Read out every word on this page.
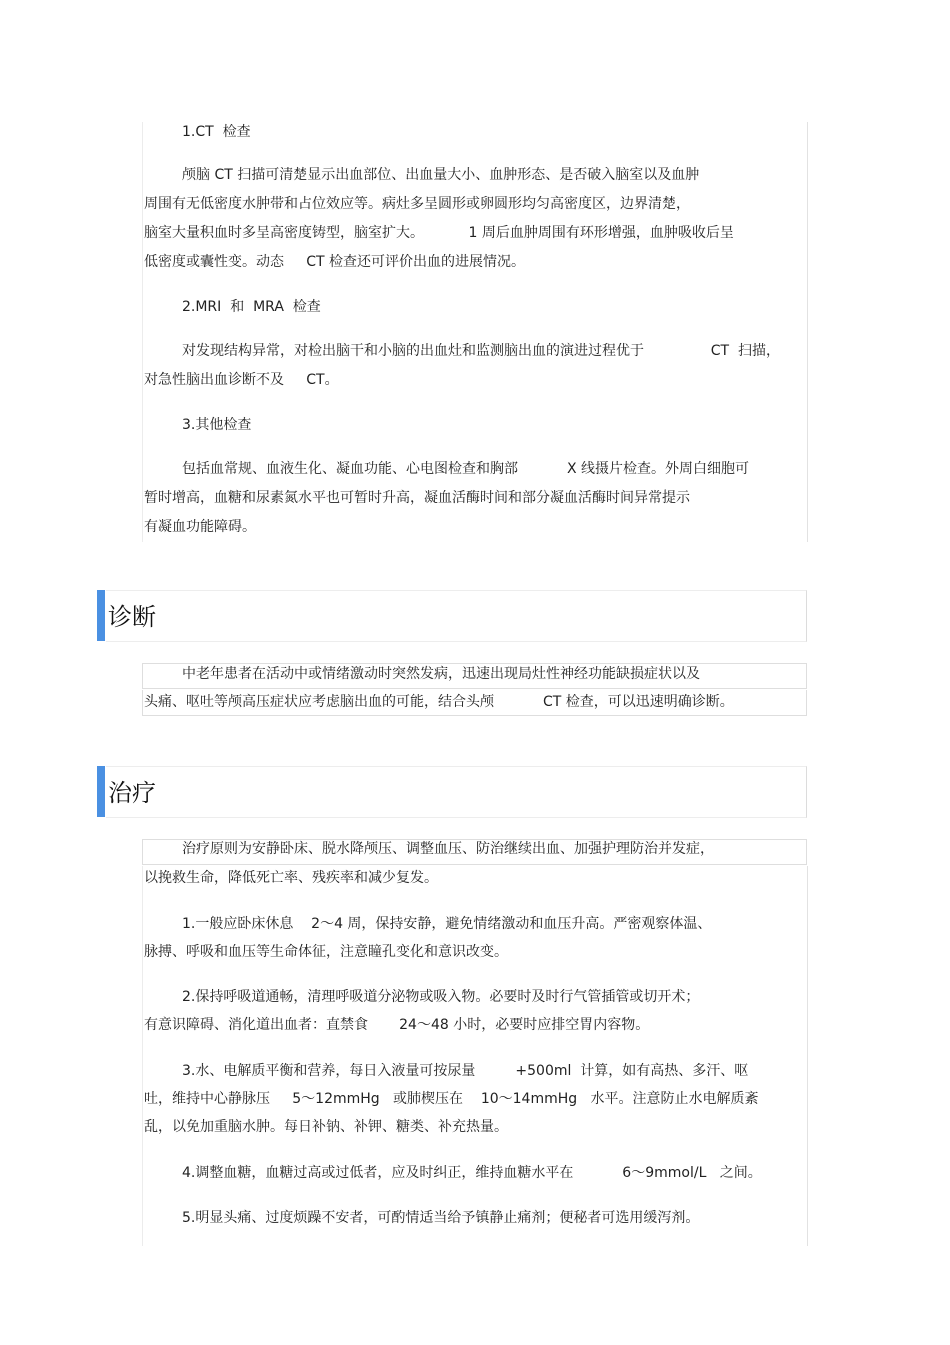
诊断
治疗
1.CT  检查
颅脑 CT 扫描可清楚显示出血部位、出血量大小、血肿形态、是否破入脑室以及血肿
周围有无低密度水肿带和占位效应等。病灶多呈圆形或卵圆形均匀高密度区，边界清楚，
脑室大量积血时多呈高密度铸型，脑室扩大。          1 周后血肿周围有环形增强，血肿吸收后呈
低密度或囊性变。动态     CT 检查还可评价出血的进展情况。
2.MRI  和  MRA  检查
对发现结构异常，对检出脑干和小脑的出血灶和监测脑出血的演进过程优于               CT  扫描，
对急性脑出血诊断不及     CT。
3.其他检查
包括血常规、血液生化、凝血功能、心电图检查和胸部           X 线摄片检查。外周白细胞可
暂时增高，血糖和尿素氮水平也可暂时升高，凝血活酶时间和部分凝血活酶时间异常提示
有凝血功能障碍。
中老年患者在活动中或情绪激动时突然发病，迅速出现局灶性神经功能缺损症状以及
头痛、呕吐等颅高压症状应考虑脑出血的可能，结合头颅           CT 检查，可以迅速明确诊断。
治疗原则为安静卧床、脱水降颅压、调整血压、防治继续出血、加强护理防治并发症，
以挽救生命，降低死亡率、残疾率和减少复发。
1.一般应卧床休息    2～4 周，保持安静，避免情绪激动和血压升高。严密观察体温、
脉搏、呼吸和血压等生命体征，注意瞳孔变化和意识改变。
2.保持呼吸道通畅，清理呼吸道分泌物或吸入物。必要时及时行气管插管或切开术；
有意识障碍、消化道出血者：直禁食       24～48 小时，必要时应排空胃内容物。
3.水、电解质平衡和营养，每日入液量可按尿量         +500ml  计算，如有高热、多汗、呕
吐，维持中心静脉压     5～12mmHg   或肺楔压在    10～14mmHg   水平。注意防止水电解质紊
乱，以免加重脑水肿。每日补钠、补钾、糖类、补充热量。
4.调整血糖，血糖过高或过低者，应及时纠正，维持血糖水平在           6～9mmol/L   之间。
5.明显头痛、过度烦躁不安者，可酌情适当给予镇静止痛剂；便秘者可选用缓泻剂。
